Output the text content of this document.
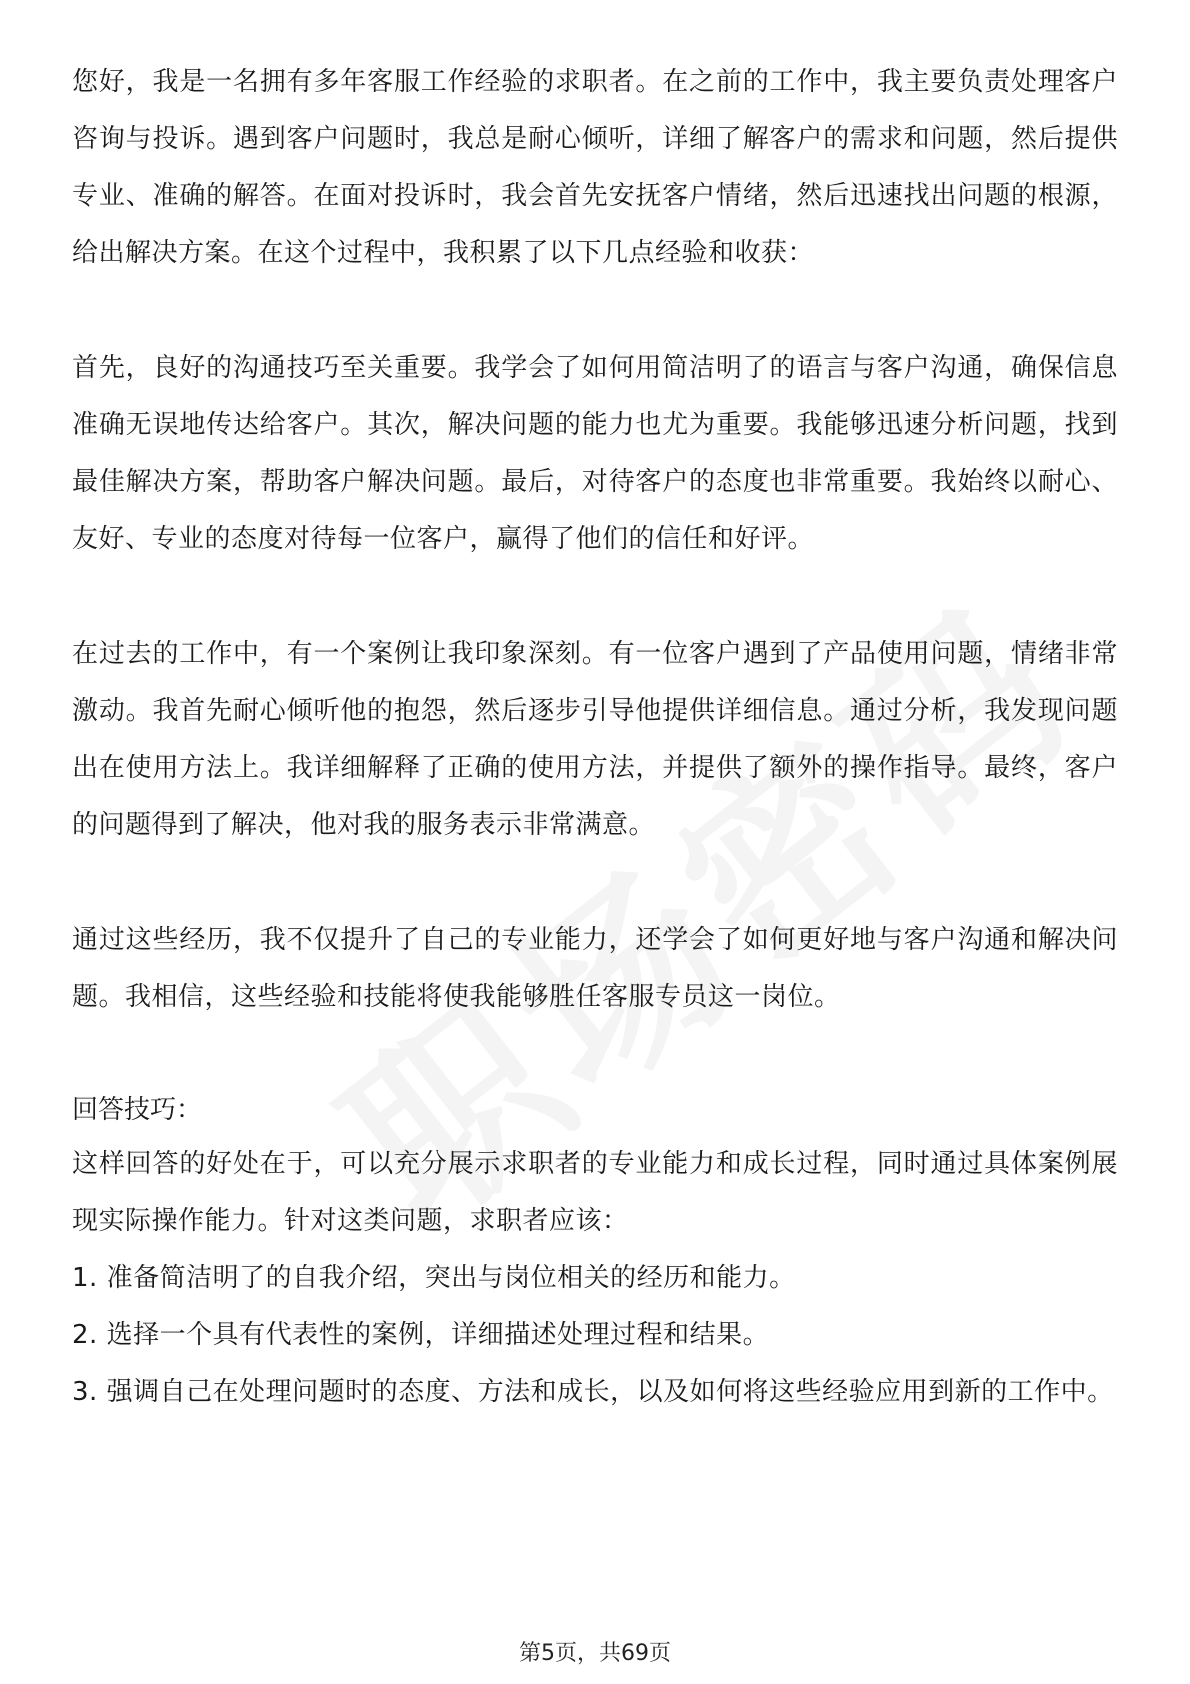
您好，我是一名拥有多年客服工作经验的求职者。在之前的工作中，我主要负责处理客户咨询与投诉。遇到客户问题时，我总是耐心倾听，详细了解客户的需求和问题，然后提供专业、准确的解答。在面对投诉时，我会首先安抚客户情绪，然后迅速找出问题的根源，给出解决方案。在这个过程中，我积累了以下几点经验和收获：

首先，良好的沟通技巧至关重要。我学会了如何用简洁明了的语言与客户沟通，确保信息准确无误地传达给客户。其次，解决问题的能力也尤为重要。我能够迅速分析问题，找到最佳解决方案，帮助客户解决问题。最后，对待客户的态度也非常重要。我始终以耐心、友好、专业的态度对待每一位客户，赢得了他们的信任和好评。

在过去的工作中，有一个案例让我印象深刻。有一位客户遇到了产品使用问题，情绪非常激动。我首先耐心倾听他的抱怨，然后逐步引导他提供详细信息。通过分析，我发现问题出在使用方法上。我详细解释了正确的使用方法，并提供了额外的操作指导。最终，客户的问题得到了解决，他对我的服务表示非常满意。

通过这些经历，我不仅提升了自己的专业能力，还学会了如何更好地与客户沟通和解决问题。我相信，这些经验和技能将使我能够胜任客服专员这一岗位。

回答技巧：

这样回答的好处在于，可以充分展示求职者的专业能力和成长过程，同时通过具体案例展现实际操作能力。针对这类问题，求职者应该：

1. 准备简洁明了的自我介绍，突出与岗位相关的经历和能力。

2. 选择一个具有代表性的案例，详细描述处理过程和结果。

3. 强调自己在处理问题时的态度、方法和成长，以及如何将这些经验应用到新的工作中。

第5页，共69页
